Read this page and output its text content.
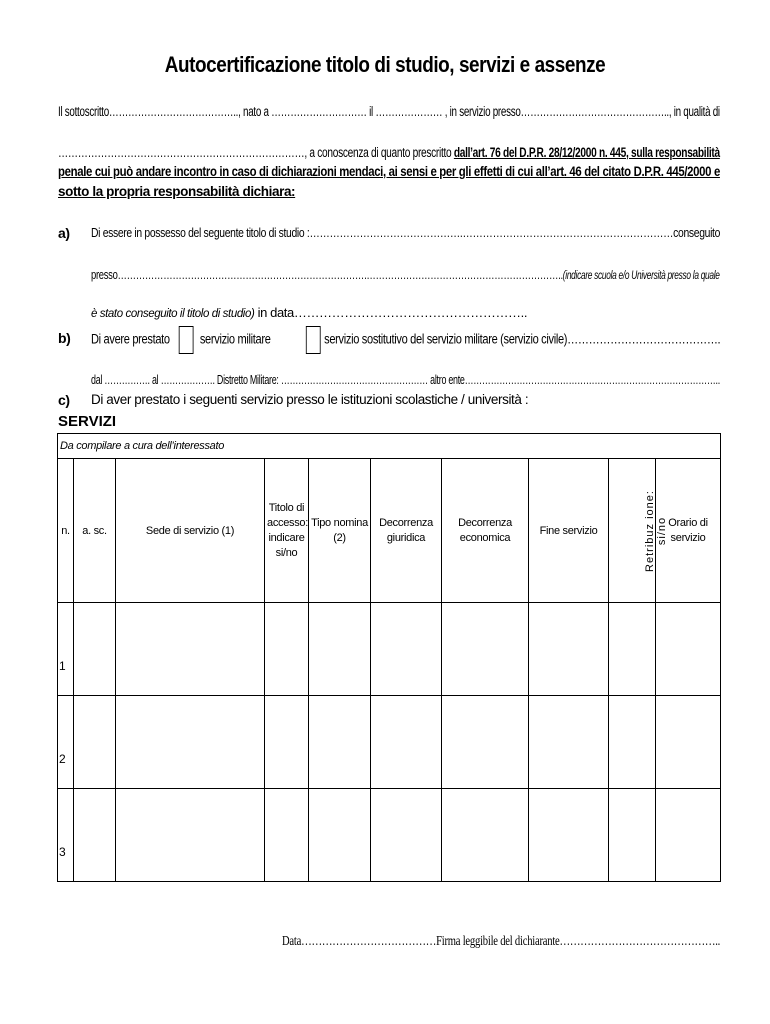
Autocertificazione titolo di studio, servizi e assenze
Il sottoscritto………………………………….., nato a ………………………… il ………………… , in servizio presso……………………………………….., in qualità di
…………………………………………………………………, a conoscenza di quanto prescritto dall’art. 76 del D.P.R. 28/12/2000 n. 445, sulla responsabilità
penale cui può andare incontro in caso di dichiarazioni mendaci, ai sensi e per gli effetti di cui all’art. 46 del citato D.P.R. 445/2000 e
sotto la propria responsabilità dichiara:
a) Di essere in possesso del seguente titolo di studio :……………………………………….………………………………………………………conseguito
presso……………………………………………………………………….………………………………………………………..(indicare scuola e/o Università presso la quale
è stato conseguito il titolo di studio) in data………………………………………………..
b) Di avere prestato servizio militare	servizio sostitutivo del servizio militare (servizio civile)…………………………………….
dal ……………. al ………………. Distretto Militare: …………………………………………… altro ente……………………………………………………………………………..
c) Di aver prestato i seguenti servizio presso le istituzioni scolastiche / università :
SERVIZI
Da compilare a cura dell’interessato									
n.	a. sc.	Sede di servizio (1)	Titolo di accesso: indicare si/no	Tipo nomina (2)	Decorrenza giuridica	Decorrenza economica	Fine servizio	Retribuz ione: si/no	Orario di servizio
1									
2									
3									
Data…………………………………Firma leggibile del dichiarante………………………………………..
